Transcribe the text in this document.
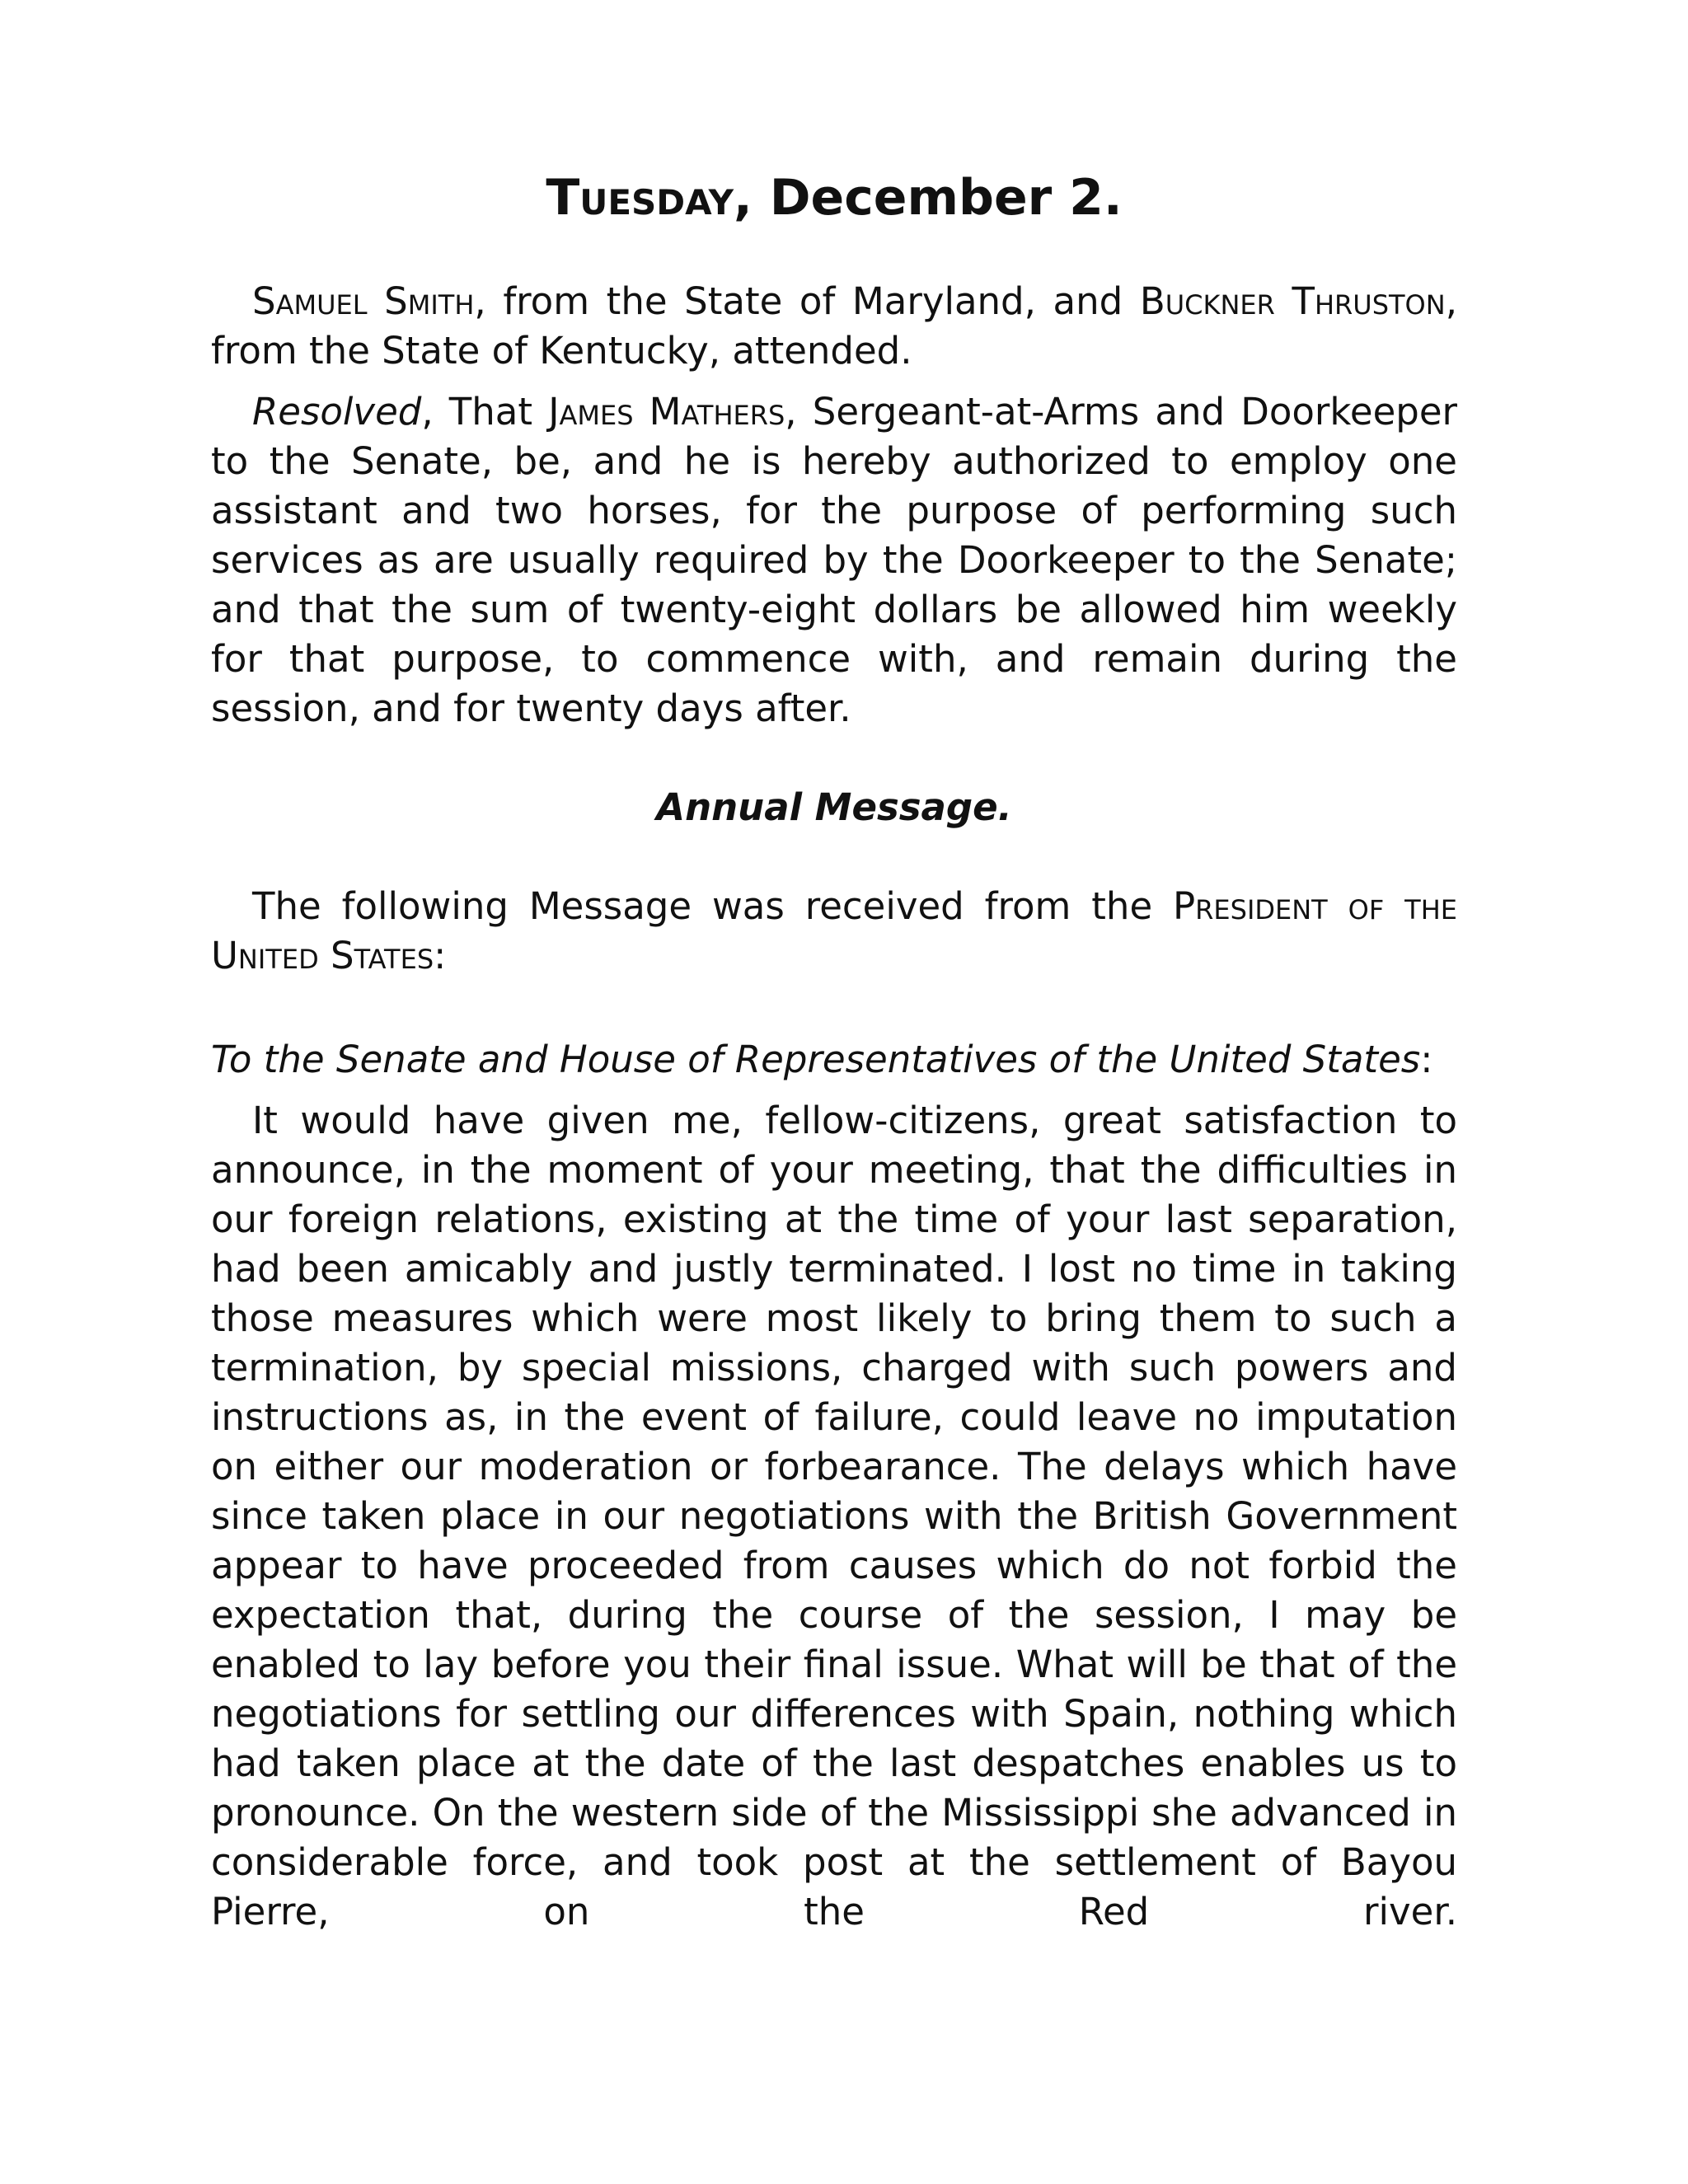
Tuesday, December 2.

Samuel Smith, from the State of Maryland, and Buckner Thruston, from the State of Kentucky, attended.

Resolved, That James Mathers, Sergeant-at-Arms and Doorkeeper to the Senate, be, and he is hereby authorized to employ one assistant and two horses, for the purpose of performing such services as are usually required by the Doorkeeper to the Senate; and that the sum of twenty-eight dollars be allowed him weekly for that purpose, to commence with, and remain during the session, and for twenty days after.

Annual Message.

The following Message was received from the President of the United States:

To the Senate and House of Representatives of the United States:

It would have given me, fellow-citizens, great satisfaction to announce, in the moment of your meeting, that the difficulties in our foreign relations, existing at the time of your last separation, had been amicably and justly terminated. I lost no time in taking those measures which were most likely to bring them to such a termination, by special missions, charged with such powers and instructions as, in the event of failure, could leave no imputation on either our moderation or forbearance. The delays which have since taken place in our negotiations with the British Government appear to have proceeded from causes which do not forbid the expectation that, during the course of the session, I may be enabled to lay before you their final issue. What will be that of the negotiations for settling our differences with Spain, nothing which had taken place at the date of the last despatches enables us to pronounce. On the western side of the Mississippi she advanced in considerable force, and took post at the settlement of Bayou Pierre, on the Red river.
